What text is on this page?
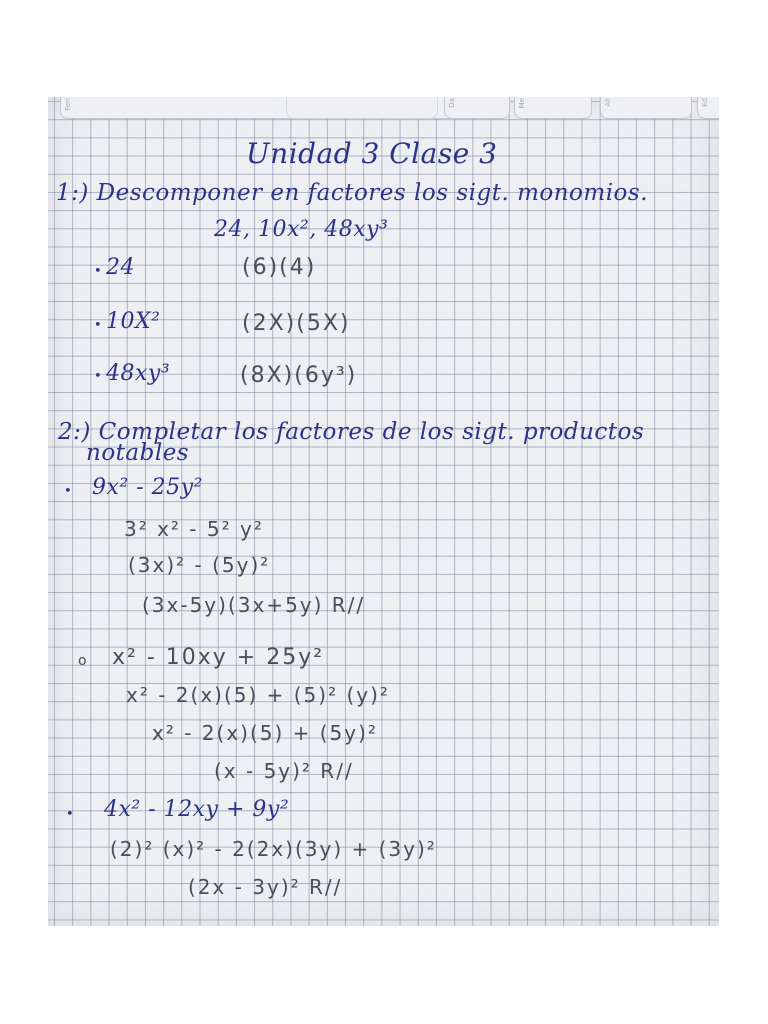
Feri	Da	Me	Ali	Ed
Unidad 3 Clase 3
1:) Descomponer en factores los sigt. monomios.
24, 10x², 48xy³
• 24	(6)(4)
• 10X²	(2X)(5X)
• 48xy³	(8X)(6y³)
2:) Completar los factores de los sigt. productos
notables
• 9x² - 25y²
3² x² - 5² y²
(3x)² - (5y)²
(3x-5y)(3x+5y) R//
o x² - 10xy + 25y²
x² - 2(x)(5) + (5)² (y)²
x² - 2(x)(5) + (5y)²
(x - 5y)² R//
• 4x² - 12xy + 9y²
(2)² (x)² - 2(2x)(3y) + (3y)²
(2x - 3y)² R//
